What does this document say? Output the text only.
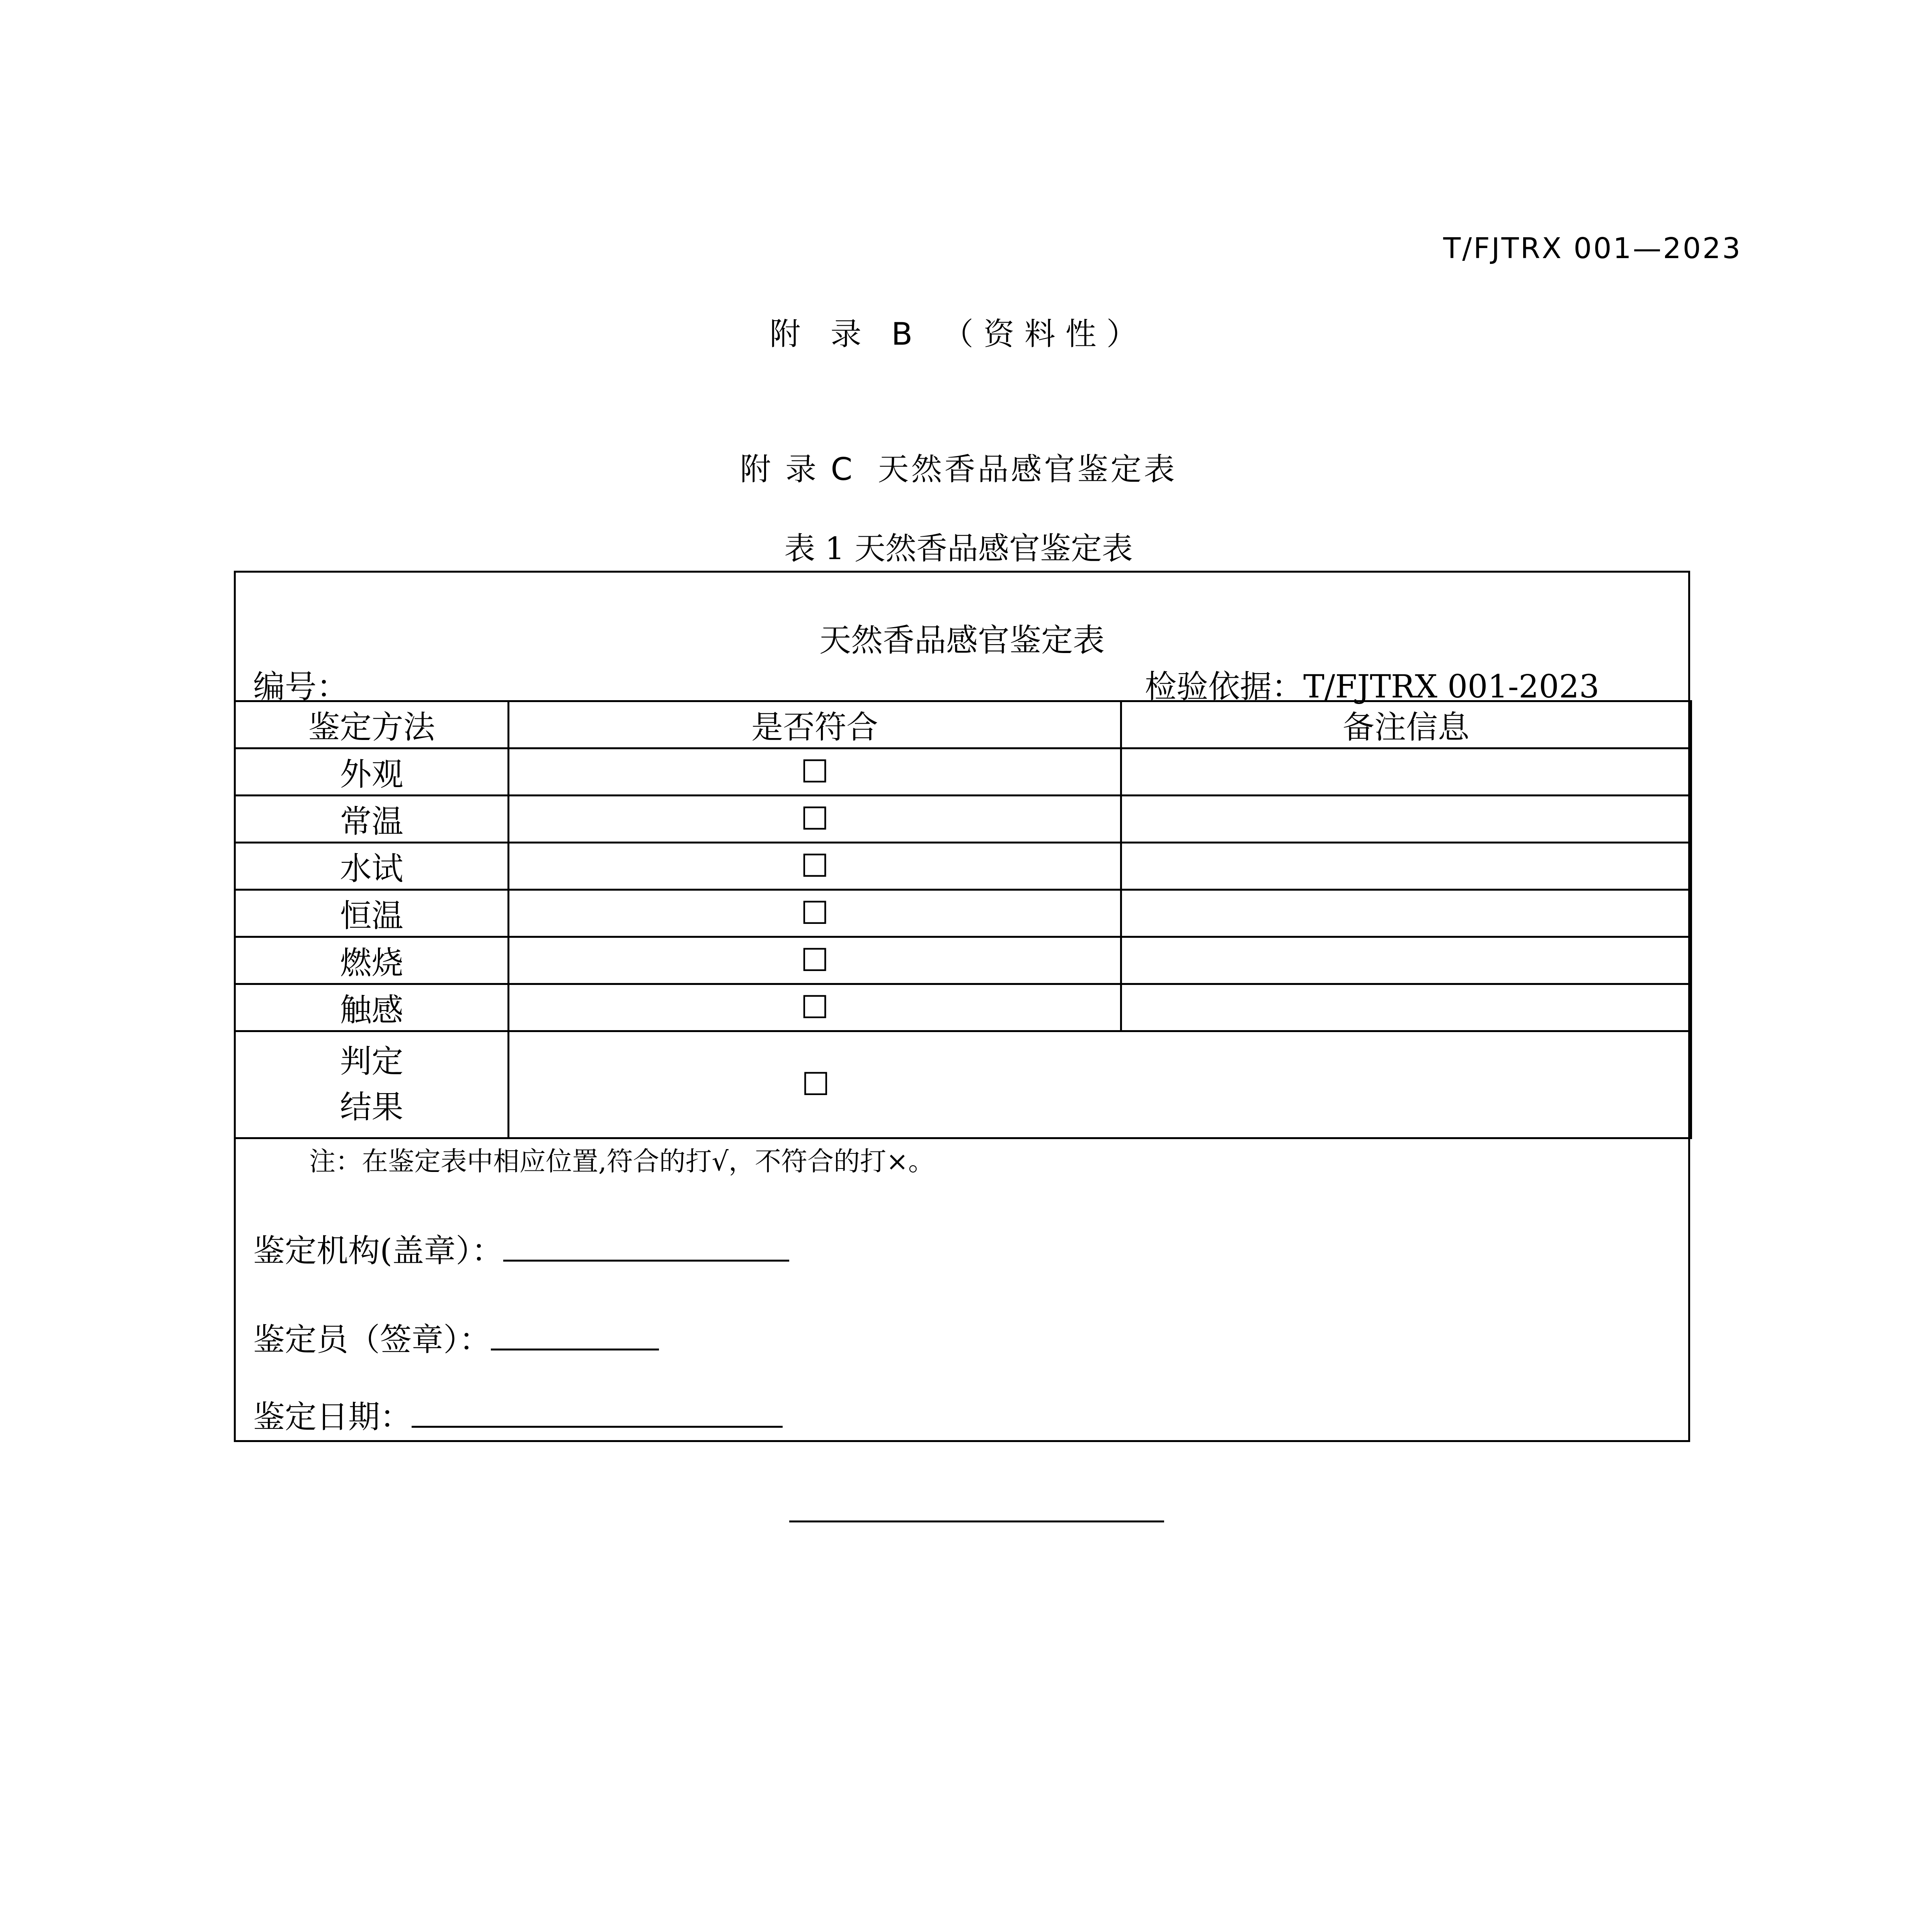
T/FJTRX 001—2023
附 录 B （资料性）
附 录 C 天然香品感官鉴定表
表 1 天然香品感官鉴定表
天然香品感官鉴定表
编号：	检验依据：T/FJTRX 001-2023
鉴定方法	是否符合	备注信息
外观	☐	
常温	☐	
水试	☐	
恒温	☐	
燃烧	☐	
触感	☐	

判定
结果	☐	
注：在鉴定表中相应位置,符合的打√，不符合的打×。
鉴定机构(盖章）：
鉴定员（签章）：
鉴定日期：
